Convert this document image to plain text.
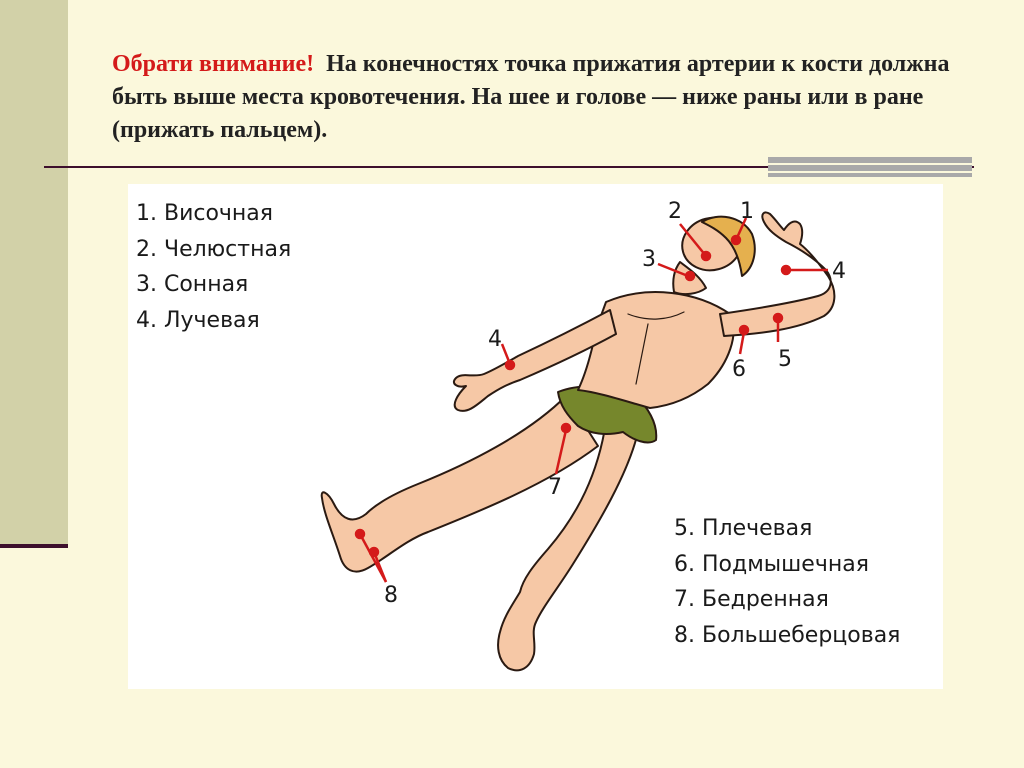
Обрати внимание! На конечностях точка прижатия артерии к кости должна быть выше места кровотечения. На шее и голове — ниже раны или в ране (прижать пальцем).
1
2
3	4
4
5
6
7
8
1. Височная
2. Челюстная
3. Сонная
4. Лучевая
5. Плечевая
6. Подмышечная
7. Бедренная
8. Большеберцовая
